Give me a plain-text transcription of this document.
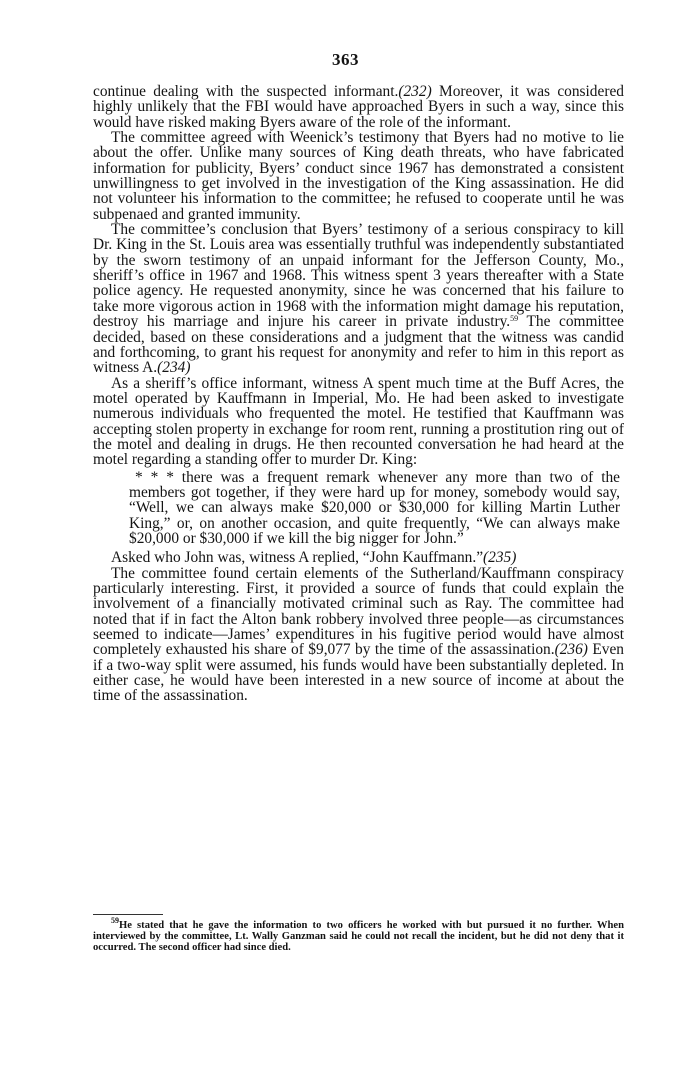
363

continue dealing with the suspected informant.(232) Moreover, it was considered highly unlikely that the FBI would have approached Byers in such a way, since this would have risked making Byers aware of the role of the informant.

The committee agreed with Weenick’s testimony that Byers had no motive to lie about the offer. Unlike many sources of King death threats, who have fabricated information for publicity, Byers’ conduct since 1967 has demonstrated a consistent unwillingness to get involved in the investigation of the King assassination. He did not volunteer his information to the committee; he refused to cooperate until he was subpenaed and granted immunity.

The committee’s conclusion that Byers’ testimony of a serious conspiracy to kill Dr. King in the St. Louis area was essentially truthful was independently substantiated by the sworn testimony of an unpaid informant for the Jefferson County, Mo., sheriff’s office in 1967 and 1968. This witness spent 3 years thereafter with a State police agency. He requested anonymity, since he was concerned that his failure to take more vigorous action in 1968 with the information might damage his reputation, destroy his marriage and injure his career in private industry.$^{59}$ The committee decided, based on these considerations and a judgment that the witness was candid and forthcoming, to grant his request for anonymity and refer to him in this report as witness A.(234)

As a sheriff’s office informant, witness A spent much time at the Buff Acres, the motel operated by Kauffmann in Imperial, Mo. He had been asked to investigate numerous individuals who frequented the motel. He testified that Kauffmann was accepting stolen property in exchange for room rent, running a prostitution ring out of the motel and dealing in drugs. He then recounted conversation he had heard at the motel regarding a standing offer to murder Dr. King:

* * * there was a frequent remark whenever any more than two of the members got together, if they were hard up for money, somebody would say, “Well, we can always make $20,000 or $30,000 for killing Martin Luther King,” or, on another occasion, and quite frequently, “We can always make $20,000 or $30,000 if we kill the big nigger for John.”

Asked who John was, witness A replied, “John Kauffmann.”(235)

The committee found certain elements of the Sutherland/Kauffmann conspiracy particularly interesting. First, it provided a source of funds that could explain the involvement of a financially motivated criminal such as Ray. The committee had noted that if in fact the Alton bank robbery involved three people—as circumstances seemed to indicate—James’ expenditures in his fugitive period would have almost completely exhausted his share of $9,077 by the time of the assassination.(236) Even if a two-way split were assumed, his funds would have been substantially depleted. In either case, he would have been interested in a new source of income at about the time of the assassination.

$^{59}$He stated that he gave the information to two officers he worked with but pursued it no further. When interviewed by the committee, Lt. Wally Ganzman said he could not recall the incident, but he did not deny that it occurred. The second officer had since died.
